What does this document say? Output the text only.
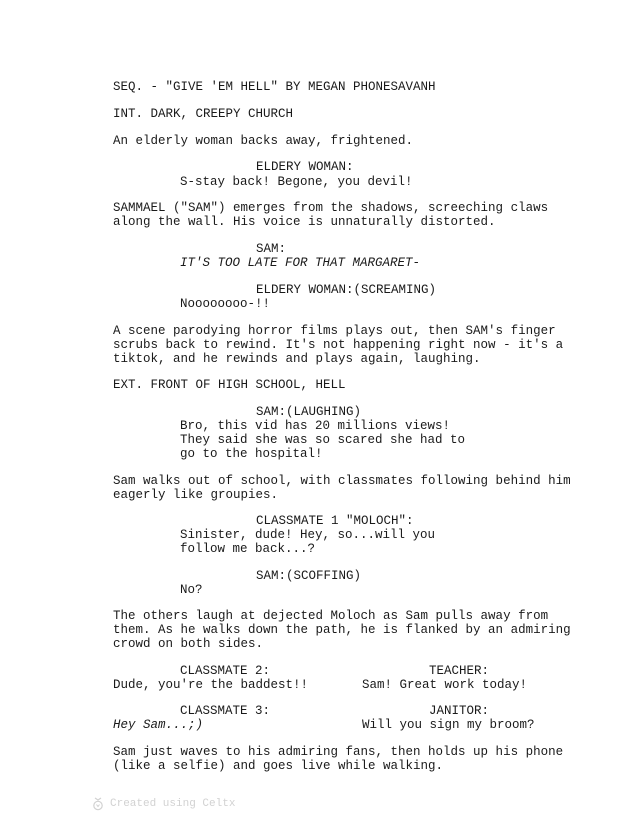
SEQ. - "GIVE 'EM HELL" BY MEGAN PHONESAVANH
INT. DARK, CREEPY CHURCH
An elderly woman backs away, frightened.
ELDERY WOMAN:
S-stay back! Begone, you devil!
SAMMAEL ("SAM") emerges from the shadows, screeching claws
along the wall. His voice is unnaturally distorted.
SAM:
IT'S TOO LATE FOR THAT MARGARET-
ELDERY WOMAN:(SCREAMING)
Noooooooo-!!
A scene parodying horror films plays out, then SAM's finger
scrubs back to rewind. It's not happening right now - it's a
tiktok, and he rewinds and plays again, laughing.
EXT. FRONT OF HIGH SCHOOL, HELL
SAM:(LAUGHING)
Bro, this vid has 20 millions views!
They said she was so scared she had to
go to the hospital!
Sam walks out of school, with classmates following behind him
eagerly like groupies.
CLASSMATE 1 "MOLOCH":
Sinister, dude! Hey, so...will you
follow me back...?
SAM:(SCOFFING)
No?
The others laugh at dejected Moloch as Sam pulls away from
them. As he walks down the path, he is flanked by an admiring
crowd on both sides.
CLASSMATE 2:	TEACHER:
Dude, you're the baddest!!	Sam! Great work today!
CLASSMATE 3:	JANITOR:
Hey Sam...;)	Will you sign my broom?
Sam just waves to his admiring fans, then holds up his phone
(like a selfie) and goes live while walking.
Created using Celtx
